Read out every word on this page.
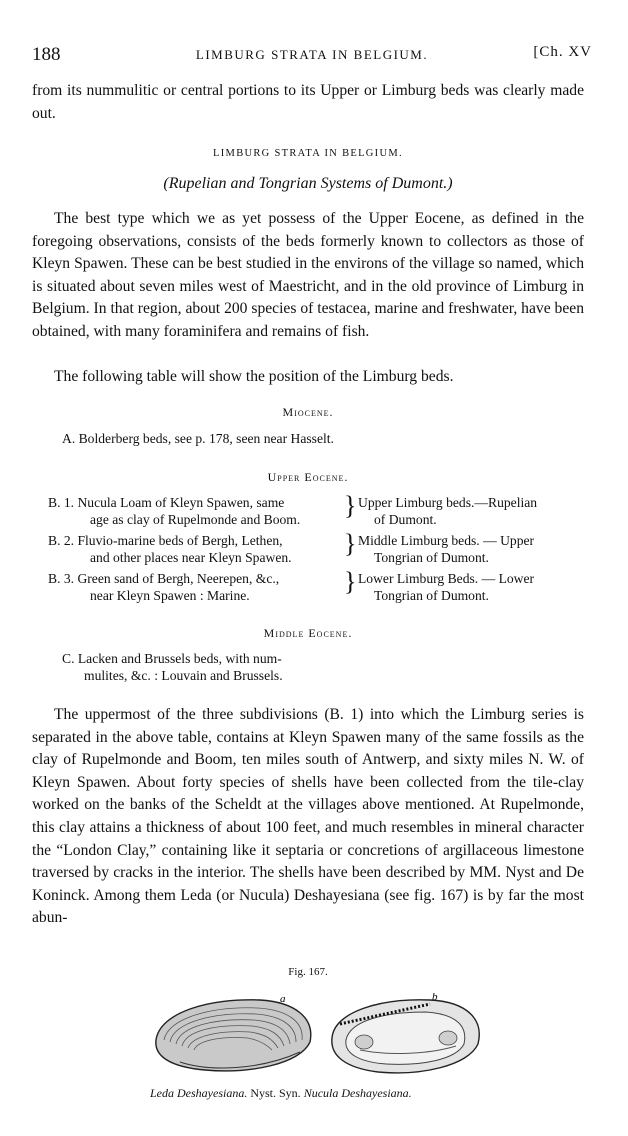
188	LIMBURG STRATA IN BELGIUM.	[Ch. XV
from its nummulitic or central portions to its Upper or Limburg beds was clearly made out.
LIMBURG STRATA IN BELGIUM.
(Rupelian and Tongrian Systems of Dumont.)
The best type which we as yet possess of the Upper Eocene, as defined in the foregoing observations, consists of the beds formerly known to collectors as those of Kleyn Spawen. These can be best studied in the environs of the village so named, which is situated about seven miles west of Maestricht, and in the old province of Limburg in Belgium. In that region, about 200 species of testacea, marine and freshwater, have been obtained, with many foraminifera and remains of fish.
The following table will show the position of the Limburg beds.
Miocene.
A. Bolderberg beds, see p. 178, seen near Hasselt.
Upper Eocene.
B. 1. Nucula Loam of Kleyn Spawen, same
age as clay of Rupelmonde and Boom. } Upper Limburg beds.—Rupelian
of Dumont.
B. 2. Fluvio-marine beds of Bergh, Lethen,
and other places near Kleyn Spawen. } Middle Limburg beds. — Upper
Tongrian of Dumont.
B. 3. Green sand of Bergh, Neerepen, &c.,
near Kleyn Spawen : Marine.	} Lower Limburg Beds. — Lower
Tongrian of Dumont.
Middle Eocene.
C. Lacken and Brussels beds, with num-
mulites, &c. : Louvain and Brussels.
The uppermost of the three subdivisions (B. 1) into which the Limburg series is separated in the above table, contains at Kleyn Spawen many of the same fossils as the clay of Rupelmonde and Boom, ten miles south of Antwerp, and sixty miles N. W. of Kleyn Spawen. About forty species of shells have been collected from the tile-clay worked on the banks of the Scheldt at the villages above mentioned. At Rupelmonde, this clay attains a thickness of about 100 feet, and much resembles in mineral character the “London Clay,” containing like it septaria or concretions of argillaceous limestone traversed by cracks in the interior. The shells have been described by MM. Nyst and De Koninck. Among them Leda (or Nucula) Deshayesiana (see fig. 167) is by far the most abun-
Fig. 167.
a	b
Leda Deshayesiana. Nyst. Syn. Nucula Deshayesiana.
